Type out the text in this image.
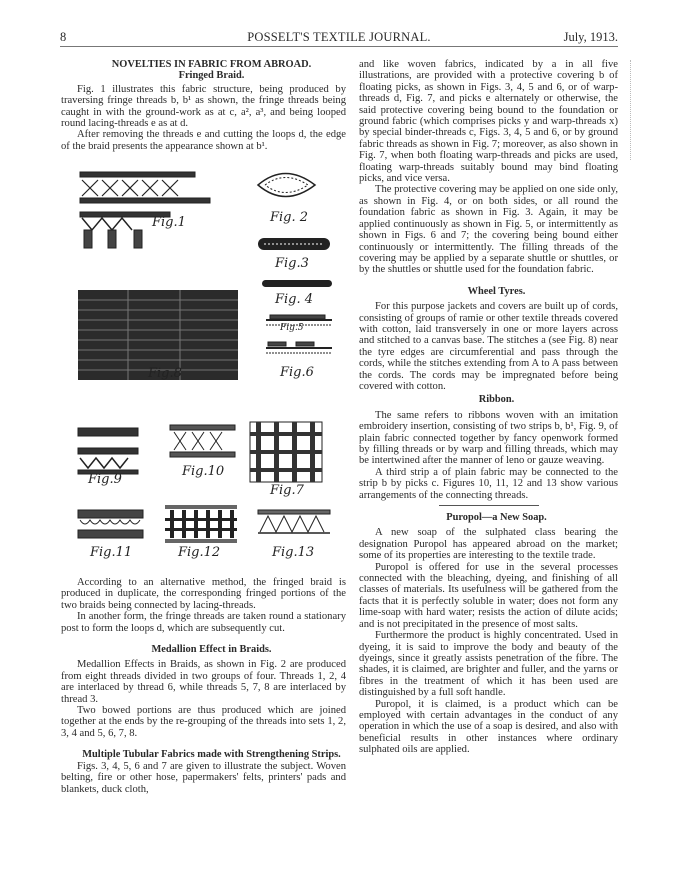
8	POSSELT'S TEXTILE JOURNAL.	July, 1913.

NOVELTIES IN FABRIC FROM ABROAD.

Fringed Braid.

Fig. 1 illustrates this fabric structure, being produced by traversing fringe threads b, b¹ as shown, the fringe threads being caught in with the ground-work as at c, a², a³, and being looped round lacing-threads e as at d.

After removing the threads e and cutting the loops d, the edge of the braid presents the appearance shown at b¹.

Fig.1	Fig. 2
Fig.3
Fig. 4
Fig.5
Fig.6
Fig.8
Fig.9
Fig.10
Fig.7
Fig.11	Fig.12	Fig.13

According to an alternative method, the fringed braid is produced in duplicate, the corresponding fringed portions of the two braids being connected by lacing-threads.

In another form, the fringe threads are taken round a stationary post to form the loops d, which are subsequently cut.

Medallion Effect in Braids.

Medallion Effects in Braids, as shown in Fig. 2 are produced from eight threads divided in two groups of four. Threads 1, 2, 4 are interlaced by thread 6, while threads 5, 7, 8 are interlaced by thread 3.

Two bowed portions are thus produced which are joined together at the ends by the re-grouping of the threads into sets 1, 2, 3, 4 and 5, 6, 7, 8.

Multiple Tubular Fabrics made with Strengthening Strips.

Figs. 3, 4, 5, 6 and 7 are given to illustrate the subject. Woven belting, fire or other hose, papermakers' felts, printers' pads and blankets, duck cloth,

and like woven fabrics, indicated by a in all five illustrations, are provided with a protective covering b of floating picks, as shown in Figs. 3, 4, 5 and 6, or of warp-threads d, Fig. 7, and picks e alternately or otherwise, the said protective covering being bound to the foundation or ground fabric (which comprises picks y and warp-threads x) by special binder-threads c, Figs. 3, 4, 5 and 6, or by ground fabric threads as shown in Fig. 7; moreover, as also shown in Fig. 7, when both floating warp-threads and picks are used, floating warp-threads suitably bound may bind floating picks, and vice versa.

The protective covering may be applied on one side only, as shown in Fig. 4, or on both sides, or all round the foundation fabric as shown in Fig. 3. Again, it may be applied continuously as shown in Fig. 5, or intermittently as shown in Figs. 6 and 7; the covering being bound either continuously or intermittently. The filling threads of the covering may be applied by a separate shuttle or shuttles, or by the shuttles or shuttle used for the foundation fabric.

Wheel Tyres.

For this purpose jackets and covers are built up of cords, consisting of groups of ramie or other textile threads covered with cotton, laid transversely in one or more layers across and stitched to a canvas base. The stitches a (see Fig. 8) near the tyre edges are circumferential and pass through the cords, while the stitches extending from A to A pass between the cords. The cords may be impregnated before being covered with cotton.

Ribbon.

The same refers to ribbons woven with an imitation embroidery insertion, consisting of two strips b, b¹, Fig. 9, of plain fabric connected together by fancy openwork formed by filling threads or by warp and filling threads, which may be intertwined after the manner of leno or gauze weaving.

A third strip a of plain fabric may be connected to the strip b by picks c. Figures 10, 11, 12 and 13 show various arrangements of the connecting threads.

Puropol—a New Soap.

A new soap of the sulphated class bearing the designation Puropol has appeared abroad on the market; some of its properties are interesting to the textile trade.

Puropol is offered for use in the several processes connected with the bleaching, dyeing, and finishing of all classes of materials. Its usefulness will be gathered from the facts that it is perfectly soluble in water; does not form any lime-soap with hard water; resists the action of dilute acids; and is not precipitated in the presence of most salts.

Furthermore the product is highly concentrated. Used in dyeing, it is said to improve the body and beauty of the dyeings, since it greatly assists penetration of the fibre. The shades, it is claimed, are brighter and fuller, and the yarns or fibres in the treatment of which it has been used are distinguished by a full soft handle.

Puropol, it is claimed, is a product which can be employed with certain advantages in the conduct of any operation in which the use of a soap is desired, and also with beneficial results in other instances where ordinary sulphated oils are applied.
